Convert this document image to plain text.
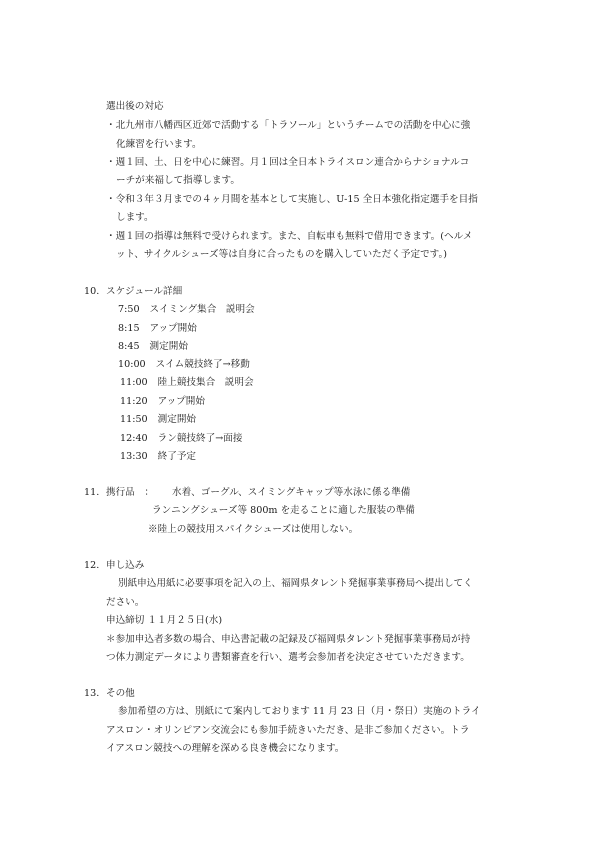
選出後の対応
・北九州市八幡西区近郊で活動する「トラソール」というチームでの活動を中心に強
化練習を行います。
・週１回、土、日を中心に練習。月１回は全日本トライスロン連合からナショナルコ
ーチが来福して指導します。
・令和３年３月までの４ヶ月間を基本として実施し、U-15 全日本強化指定選手を目指
します。
・週１回の指導は無料で受けられます。また、自転車も無料で借用できます。(ヘルメ
ット、サイクルシューズ等は自身に合ったものを購入していただく予定です。)
10. スケジュール詳細
7:50 スイミング集合　説明会
8:15 アップ開始
8:45 測定開始
10:00 スイム競技終了→移動
11:00 陸上競技集合　説明会
11:20 アップ開始
11:50 測定開始
12:40 ラン競技終了→面接
13:30 終了予定
11. 携行品　： 水着、ゴーグル、スイミングキャップ等水泳に係る準備
ランニングシューズ等 800m を走ることに適した服装の準備
※陸上の競技用スパイクシューズは使用しない。
12. 申し込み
別紙申込用紙に必要事項を記入の上、福岡県タレント発掘事業事務局へ提出してく
ださい。
申込締切 １１月２５日(水)
＊参加申込者多数の場合、申込書記載の記録及び福岡県タレント発掘事業事務局が持
つ体力測定データにより書類審査を行い、選考会参加者を決定させていただきます。
13. その他
参加希望の方は、別紙にて案内しております 11 月 23 日（月・祭日）実施のトライ
アスロン・オリンピアン交流会にも参加手続きいただき、是非ご参加ください。トラ
イアスロン競技への理解を深める良き機会になります。
